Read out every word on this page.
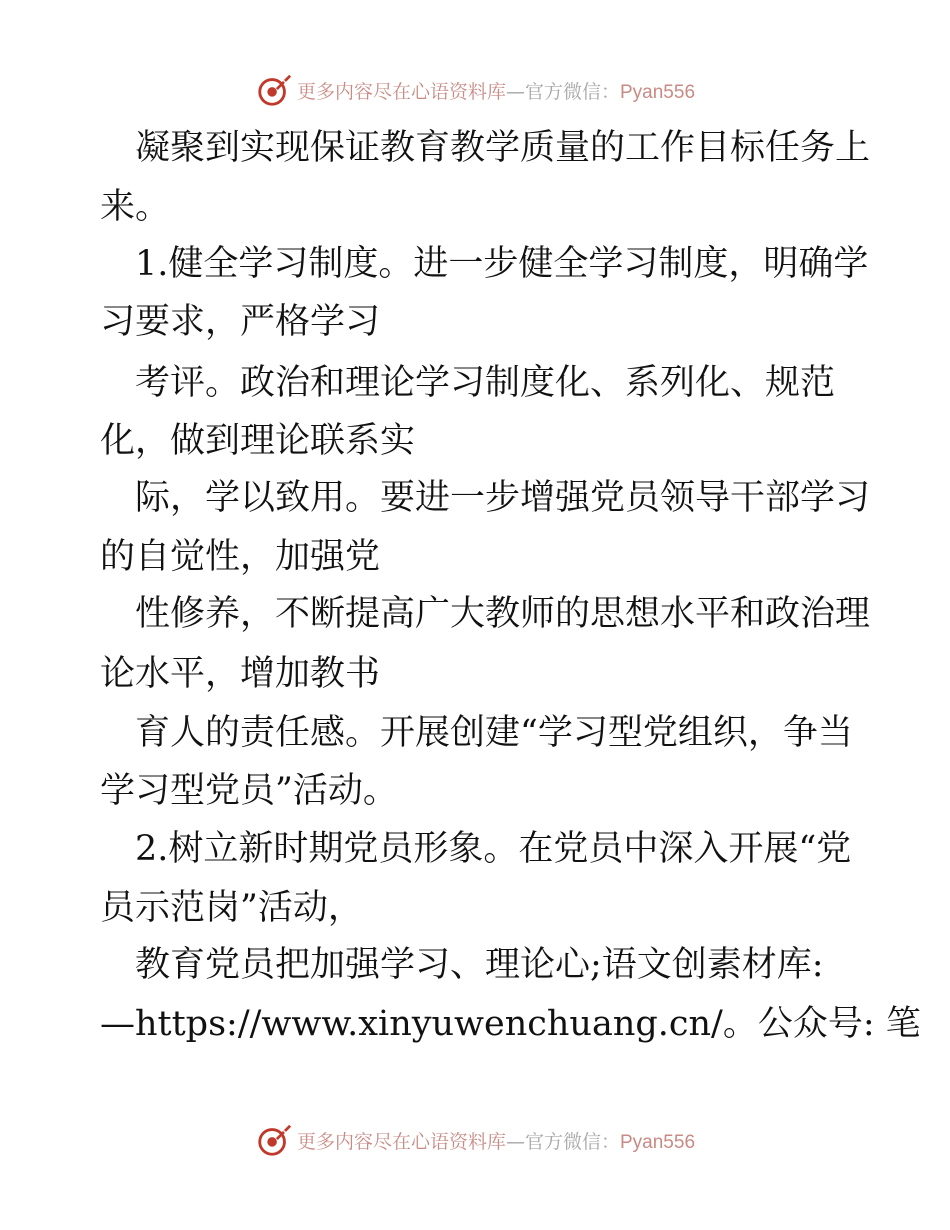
更多内容尽在心语资料库—官方微信：Pyan556
凝聚到实现保证教育教学质量的工作目标任务上
来。
1.健全学习制度。进一步健全学习制度，明确学
习要求，严格学习
考评。政治和理论学习制度化、系列化、规范
化，做到理论联系实
际，学以致用。要进一步增强党员领导干部学习
的自觉性，加强党
性修养，不断提高广大教师的思想水平和政治理
论水平，增加教书
育人的责任感。开展创建“学习型党组织，争当
学习型党员”活动。
2.树立新时期党员形象。在党员中深入开展“党
员示范岗”活动，
教育党员把加强学习、理论心;语文创素材库:
—https://www.xinyuwenchuang.cn/。公众号: 笔
更多内容尽在心语资料库—官方微信：Pyan556
